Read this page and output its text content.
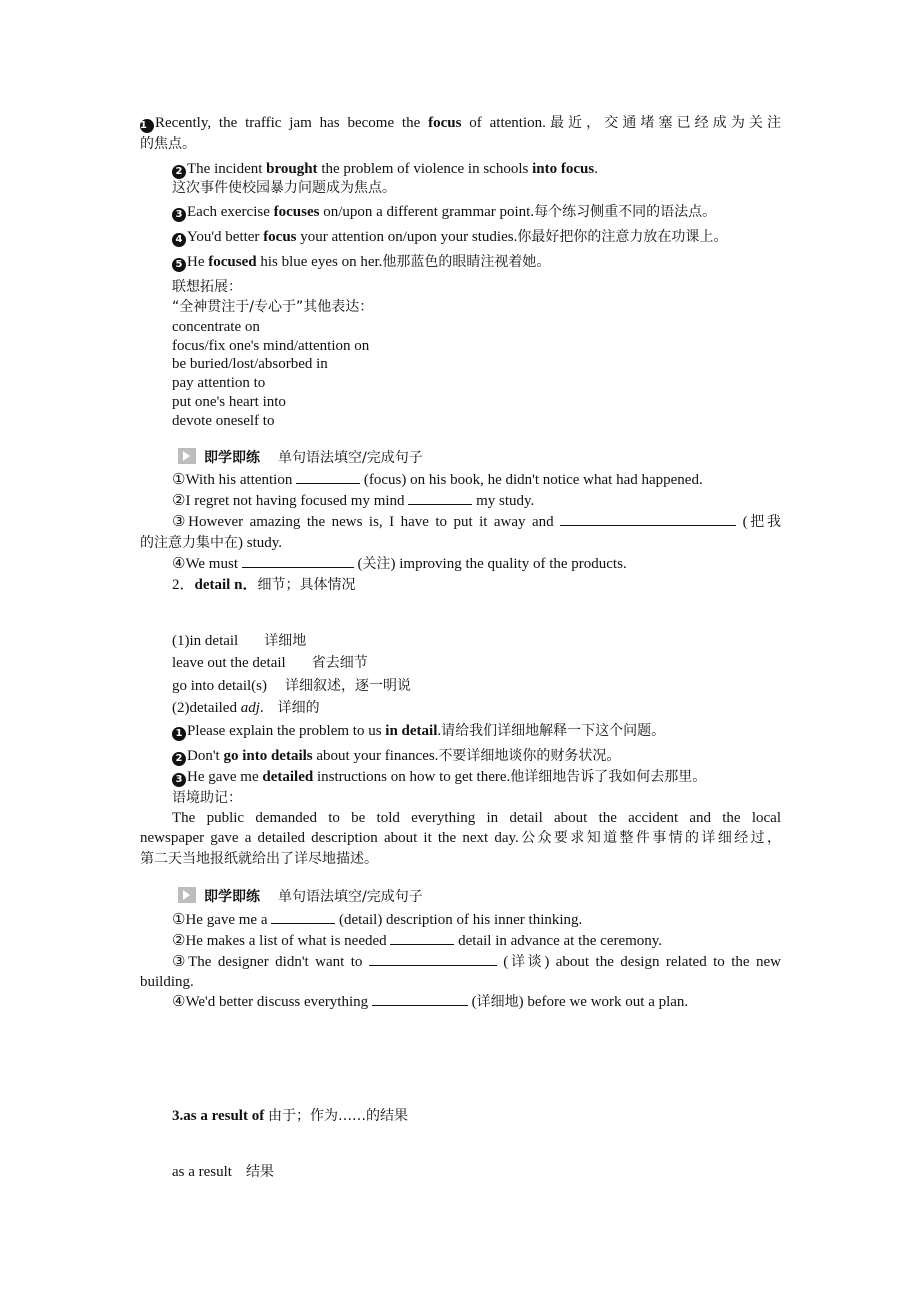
1 Recently, the traffic jam has become the focus of attention.最近，交通堵塞已经成为关注
的焦点。
2 The incident brought the problem of violence in schools into focus.
这次事件使校园暴力问题成为焦点。
3 Each exercise focuses on/upon a different grammar point.每个练习侧重不同的语法点。
4 You'd better focus your attention on/upon your studies.你最好把你的注意力放在功课上。
5 He focused his blue eyes on her.他那蓝色的眼睛注视着她。
联想拓展：
“全神贯注于/专心于”其他表达：
concentrate on
focus/fix one's mind/attention on
be buried/lost/absorbed in
pay attention to
put one's heart into
devote oneself to
即学即练 单句语法填空/完成句子
①With his attention	(focus) on his book, he didn't notice what had happened.
②I regret not having focused my mind	my study.
③However amazing the news is, I have to put it away and	(把我
的注意力集中在) study.
④We must	(关注) improving the quality of the products.
2．detail n．细节；具体情况
(1)in detail 详细地
leave out the detail 省去细节
go into detail(s) 详细叙述，逐一明说
(2)detailed adj. 详细的
1 Please explain the problem to us in detail.请给我们详细地解释一下这个问题。
2 Don't go into details about your finances.不要详细地谈你的财务状况。
3 He gave me detailed instructions on how to get there.他详细地告诉了我如何去那里。
语境助记：
The public demanded to be told everything in detail about the accident and the local
newspaper gave a detailed description about it the next day.公众要求知道整件事情的详细经过，
第二天当地报纸就给出了详尽地描述。
即学即练 单句语法填空/完成句子
①He gave me a	(detail) description of his inner thinking.
②He makes a list of what is needed	detail in advance at the ceremony.
③The designer didn't want to	(详谈) about the design related to the new
building.
④We'd better discuss everything	(详细地) before we work out a plan.
3.as a result of 由于；作为……的结果
as a result 结果
